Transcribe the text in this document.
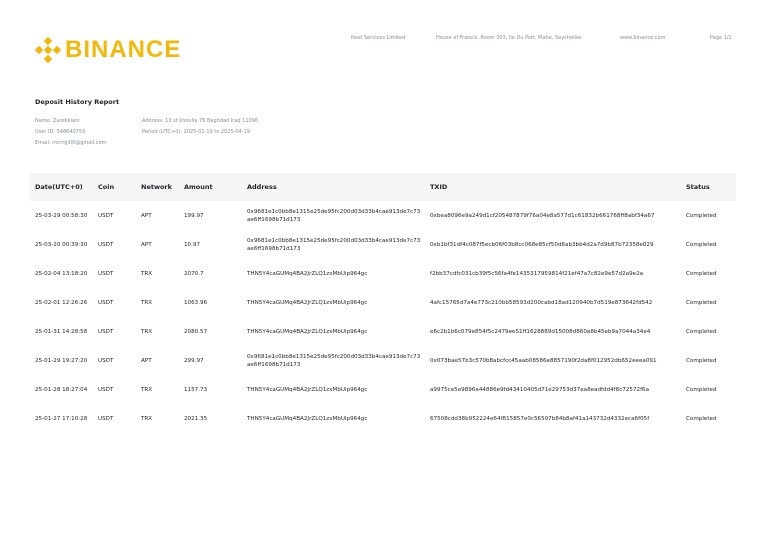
BINANCE	Nest Services Limited	House of Francis, Room 303, Ile Du Port, Mahe, Seychelles	www.binance.com	Page 1/1
Deposit History Report
Name: Zarebkiani
User ID: 548640753
Email: mirrrgi00@gmail.com
Address: 13 st khoulia 76 Baghdad Iraq 11096
Period (UTC+0): 2025-01-19 to 2025-04-19
Date(UTC+0)	Coin	Network	Amount	Address	TXID	Status
25-03-29 00:58:30	USDT	APT	199.97	0x9681e1c0bb8e1315e25de95fc200d03d33b4cae913de7c73ae6ff1698b71d173	0xbea8096e9a249d1cf205487879f76a04e8a577d1c61832b661768ff8abf34a67	Completed
25-03-20 00:39:30	USDT	APT	10.97	0x9681e1c0bb8e1315e25de95fc200d03d33b4cae913de7c73ae6ff1698b71d173	0xb1bf31df4c087f5ecb06f03b8cc068e85cf50d6ab3bb4d2a7d9b87b72358e029	Completed
25-02-04 13:18:20	USDT	TRX	2070.7	THN5Y4caGUMq4BA2JrZLQ1zxMbUip964gc	f2bb37cdfc031cb39f5c56fa4fe1435317959814f21ef47a7c82e9e57d2a9e2a	Completed
25-02-01 12:26:26	USDT	TRX	1063.96	THN5Y4caGUMq4BA2JrZLQ1zxMbUip964gc	4afc15765d7a4e773c210bb58593d200cabd18ad120940b7d519e873642fd542	Completed
25-01-31 14:28:58	USDT	TRX	2080.57	THN5Y4caGUMq4BA2JrZLQ1zxMbUip964gc	e6c2b1b6c079e854f5c2479ee51ff1628889d15008d860a8b45eb9a7044a34e4	Completed
25-01-29 19:27:20	USDT	APT	299.97	0x9681e1c0bb8e1315e25de95fc200d03d33b4cae913de7c73ae6ff1698b71d173	0x073bae57b3c570b8abcfcc45aab08586e8857190f2da8f012952db652eeea091	Completed
25-01-28 18:27:04	USDT	TRX	1157.73	THN5Y4caGUMq4BA2JrZLQ1zxMbUip964gc	a9975ce5e9896a44886e9fd43410405d71e29753d37ea8eadfdd4f8c72572f6a	Completed
25-01-27 17:10:28	USDT	TRX	2021.35	THN5Y4caGUMq4BA2JrZLQ1zxMbUip964gc	67508cdd38b952224e64f815857e0c56507b84b8af41a143732d4332eca6f05f	Completed
